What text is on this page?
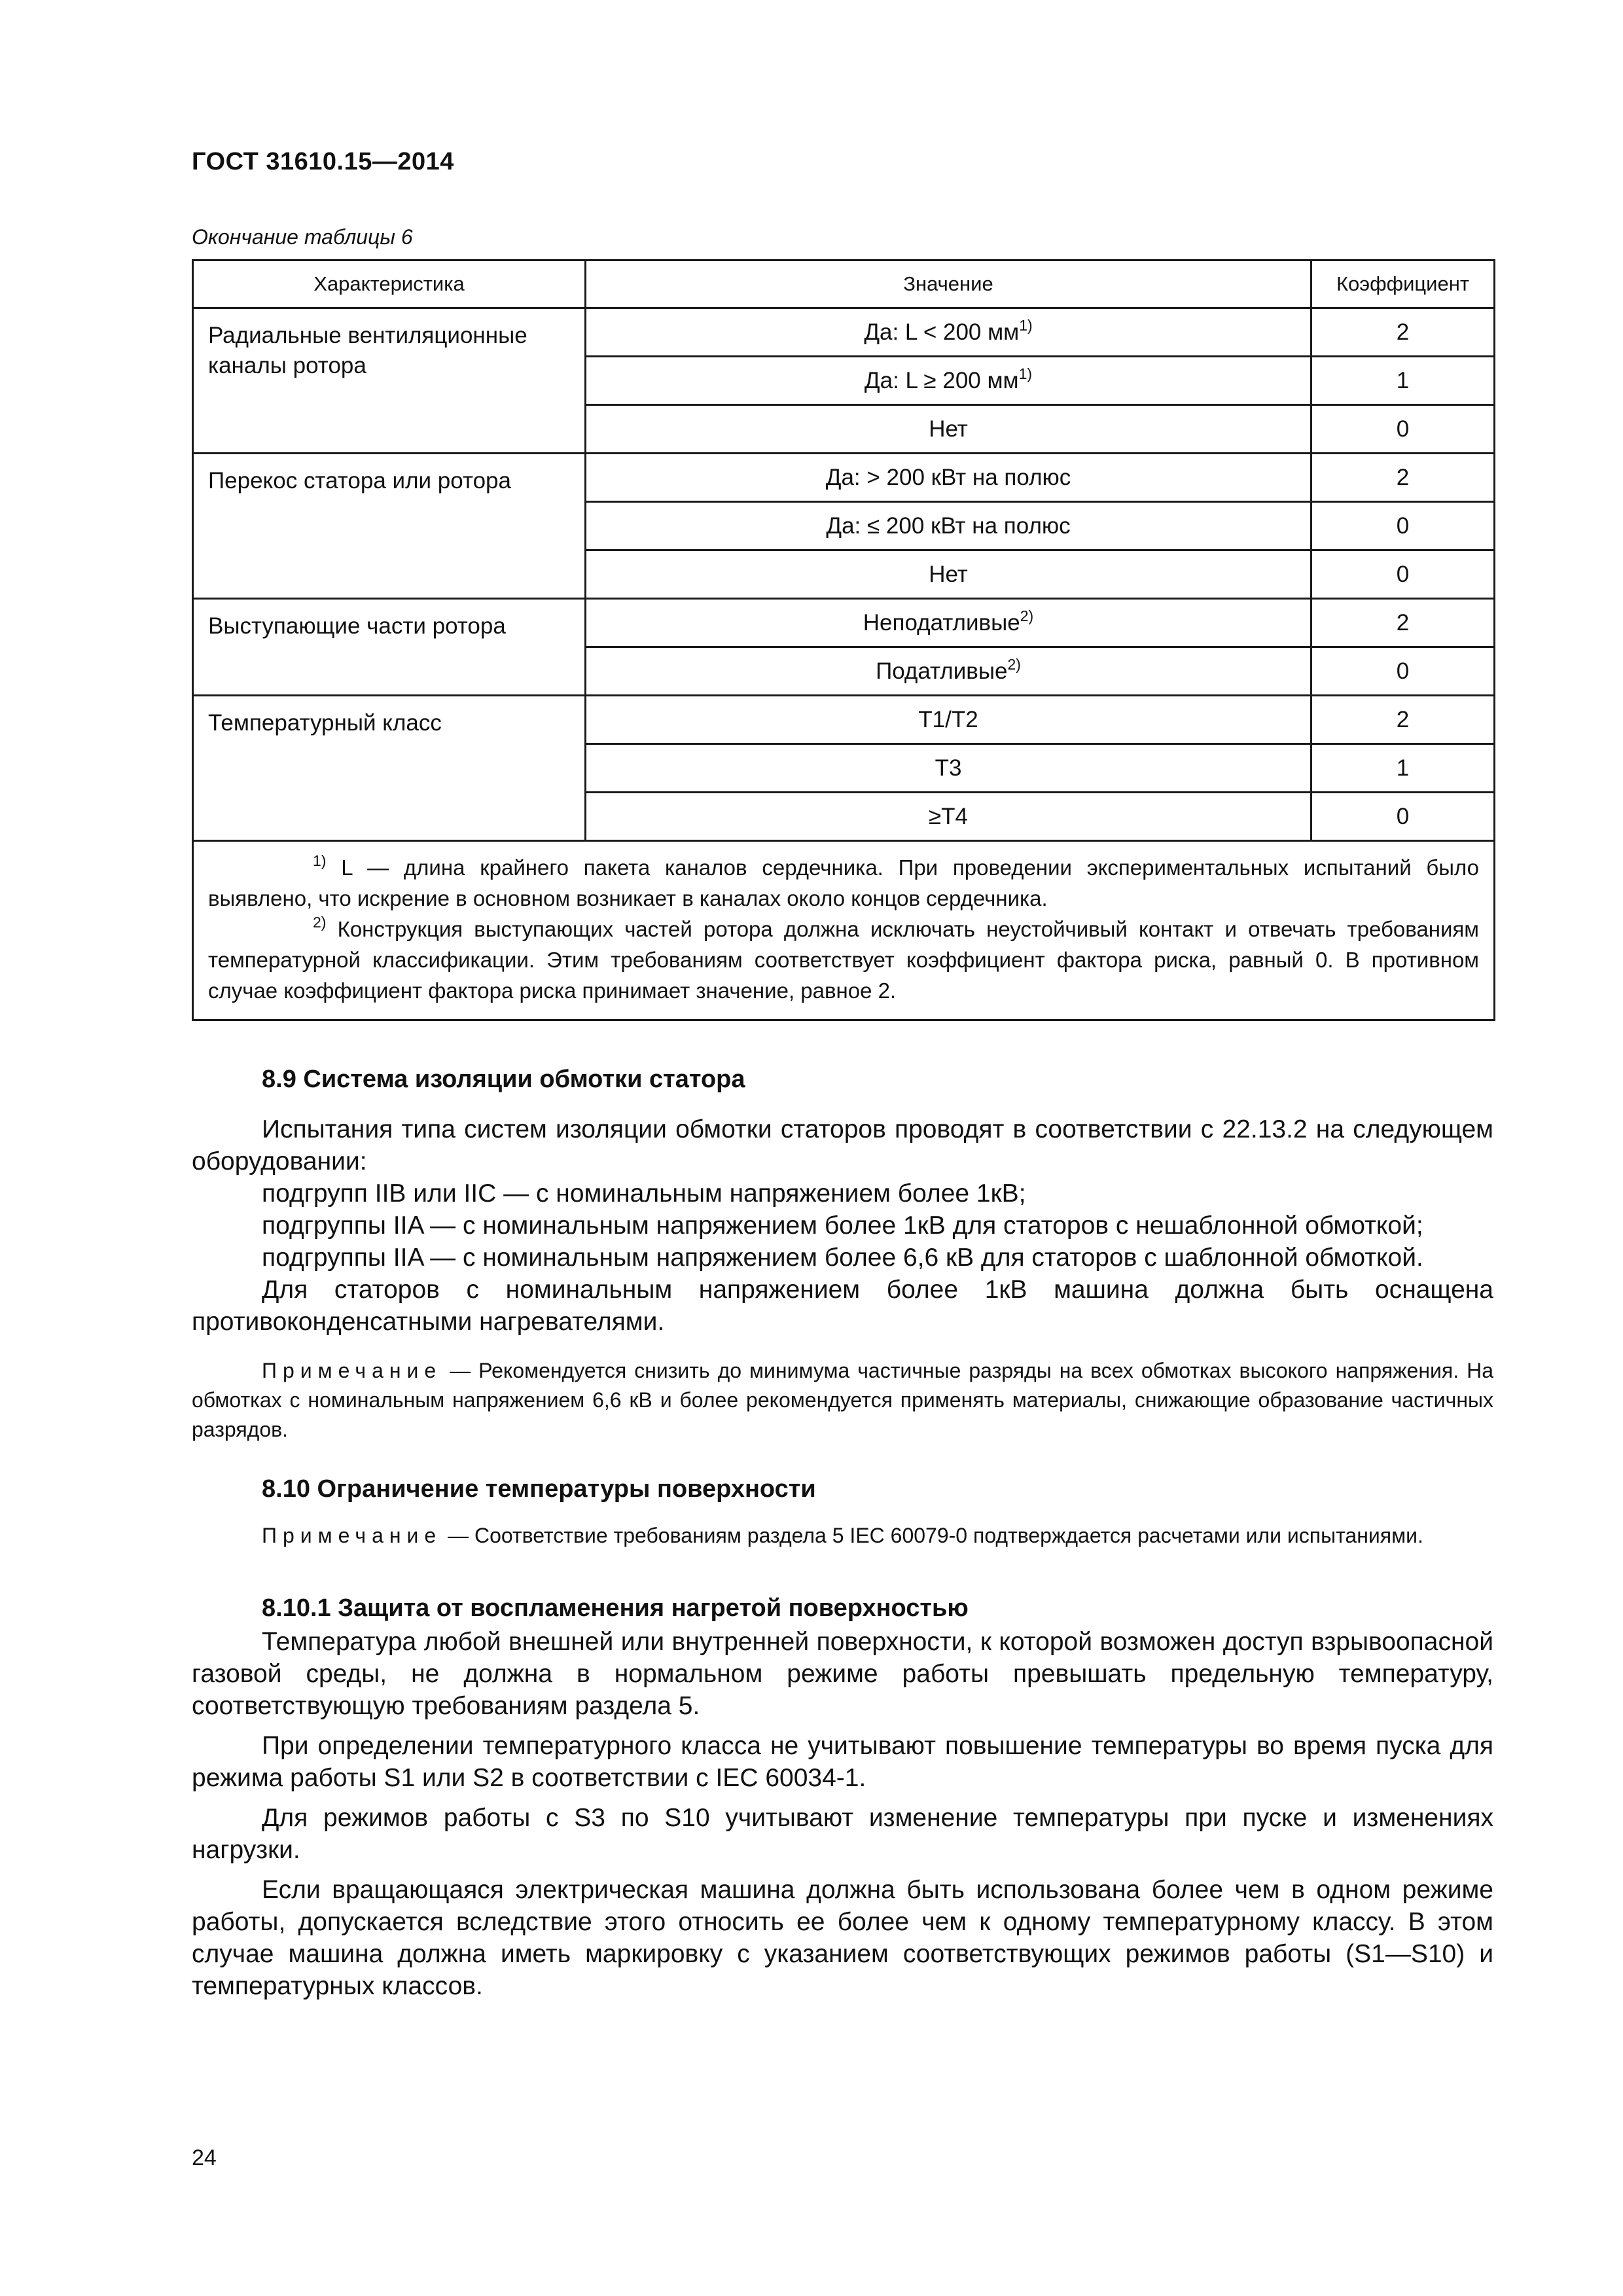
ГОСТ 31610.15—2014
Окончание таблицы 6
Характеристика	Значение	Коэффициент
Радиальные вентиляционные каналы ротора	Да: L < 200 $мм^{1)}$	2
	Да: L ≥ 200 $мм^{1)}$	1
	Нет	0
Перекос статора или ротора	Да: > 200 кВт на полюс	2
	Да: ≤ 200 кВт на полюс	0
	Нет	0
Выступающие части ротора	Неподатливые$^{2)}$	2
	Податливые$^{2)}$	0
Температурный класс	Т1/Т2	2
	Т3	1
	≥Т4	0

$^{1)}$ L — длина крайнего пакета каналов сердечника. При проведении экспериментальных испытаний было выявлено, что искрение в основном возникает в каналах около концов сердечника.
$^{2)}$ Конструкция выступающих частей ротора должна исключать неустойчивый контакт и отвечать требованиям температурной классификации. Этим требованиям соответствует коэффициент фактора риска, равный 0. В противном случае коэффициент фактора риска принимает значение, равное 2.		
8.9 Система изоляции обмотки статора

Испытания типа систем изоляции обмотки статоров проводят в соответствии с 22.13.2 на следующем оборудовании:

подгрупп IIB или IIC — с номинальным напряжением более 1кВ;

подгруппы IIA — с номинальным напряжением более 1кВ для статоров с нешаблонной обмоткой;

подгруппы IIA — с номинальным напряжением более 6,6 кВ для статоров с шаблонной обмоткой.

Для статоров с номинальным напряжением более 1кВ машина должна быть оснащена противоконденсатными нагревателями.

Примечание — Рекомендуется снизить до минимума частичные разряды на всех обмотках высокого напряжения. На обмотках с номинальным напряжением 6,6 кВ и более рекомендуется применять материалы, снижающие образование частичных разрядов.

8.10 Ограничение температуры поверхности

Примечание — Соответствие требованиям раздела 5 IEC 60079-0 подтверждается расчетами или испытаниями.

8.10.1 Защита от воспламенения нагретой поверхностью

Температура любой внешней или внутренней поверхности, к которой возможен доступ взрывоопасной газовой среды, не должна в нормальном режиме работы превышать предельную температуру, соответствующую требованиям раздела 5.

При определении температурного класса не учитывают повышение температуры во время пуска для режима работы S1 или S2 в соответствии с IEC 60034-1.

Для режимов работы с S3 по S10 учитывают изменение температуры при пуске и изменениях нагрузки.

Если вращающаяся электрическая машина должна быть использована более чем в одном режиме работы, допускается вследствие этого относить ее более чем к одному температурному классу. В этом случае машина должна иметь маркировку с указанием соответствующих режимов работы (S1—S10) и температурных классов.

24
